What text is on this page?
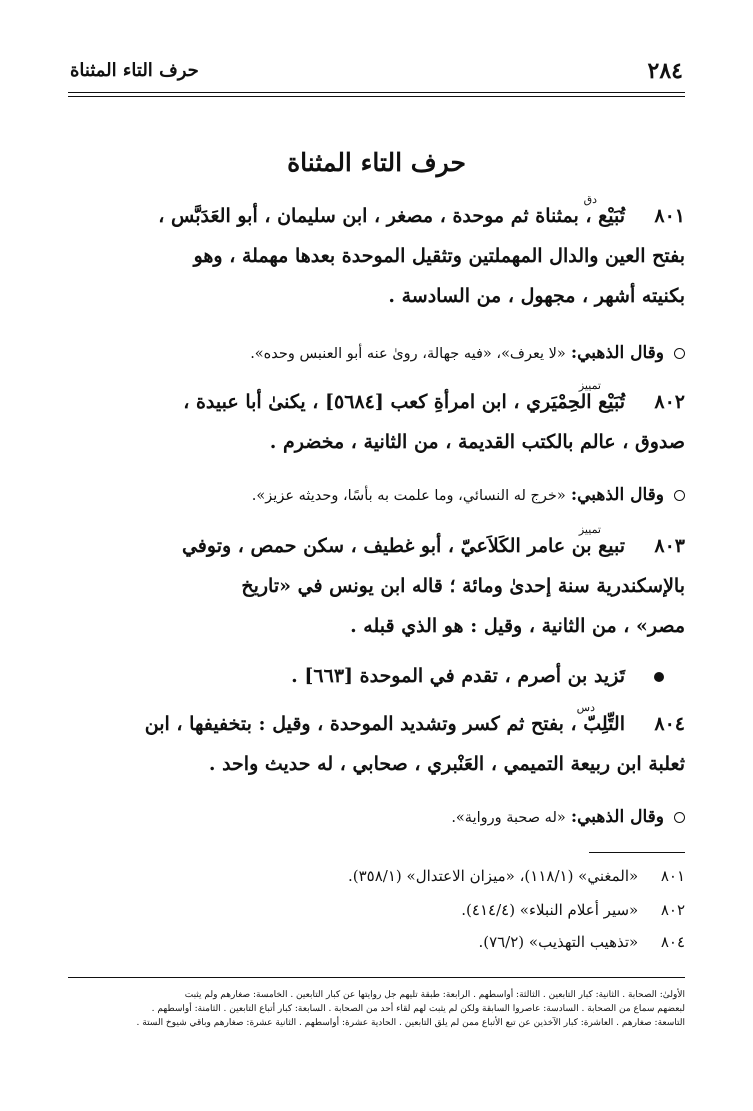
٢٨٤
حرف التاء المثناة
حرف التاء المثناة
٨٠١
دق
تُبَيْع ، بمثناة ثم موحدة ، مصغر ، ابن سليمان ، أبو العَدَبَّس ،
بفتح العين والدال المهملتين وتثقيل الموحدة بعدها مهملة ، وهو
بكنيته أشهر ، مجهول ، من السادسة .
وقال الذهبي: «لا يعرف»، «فيه جهالة، روىٰ عنه أبو العنبس وحده».
٨٠٢
تمييز
تُبَيْع الحِمْيَري ، ابن امرأةِ كعب [٥٦٨٤] ، يكنىٰ أبا عبيدة ،
صدوق ، عالم بالكتب القديمة ، من الثانية ، مخضرم .
وقال الذهبي: «خرج له النسائي، وما علمت به بأسًا، وحديثه عزيز».
٨٠٣
تمييز
تبيع بن عامر الكَلاَعيّ ، أبو غطيف ، سكن حمص ، وتوفي
بالإسكندرية سنة إحدىٰ ومائة ؛ قاله ابن يونس في «تاريخ
مصر» ، من الثانية ، وقيل : هو الذي قبله .
تَزيد بن أصرم ، تقدم في الموحدة [٦٦٣] .
٨٠٤
دس
التِّلِبّ ، بفتح ثم كسر وتشديد الموحدة ، وقيل : بتخفيفها ، ابن
ثعلبة ابن ربيعة التميمي ، العَنْبري ، صحابي ، له حديث واحد .
وقال الذهبي: «له صحبة ورواية».
٨٠١ «المغني» (١١٨/١)، «ميزان الاعتدال» (٣٥٨/١).
٨٠٢ «سير أعلام النبلاء» (٤١٤/٤).
٨٠٤ «تذهيب التهذيب» (٧٦/٢).
الأولىٰ: الصحابة . الثانية: كبار التابعين . الثالثة: أواسطهم . الرابعة: طبقة تليهم جل روايتها عن كبار التابعين . الخامسة: صغارهم ولم يثبت
لبعضهم سماع من الصحابة . السادسة: عاصروا السابقة ولكن لم يثبت لهم لقاء أحد من الصحابة . السابعة: كبار أتباع التابعين . الثامنة: أواسطهم .
التاسعة: صغارهم . العاشرة: كبار الآخذين عن تبع الأتباع ممن لم يلق التابعين . الحادية عشرة: أواسطهم . الثانية عشرة: صغارهم وباقي شيوخ الستة .
